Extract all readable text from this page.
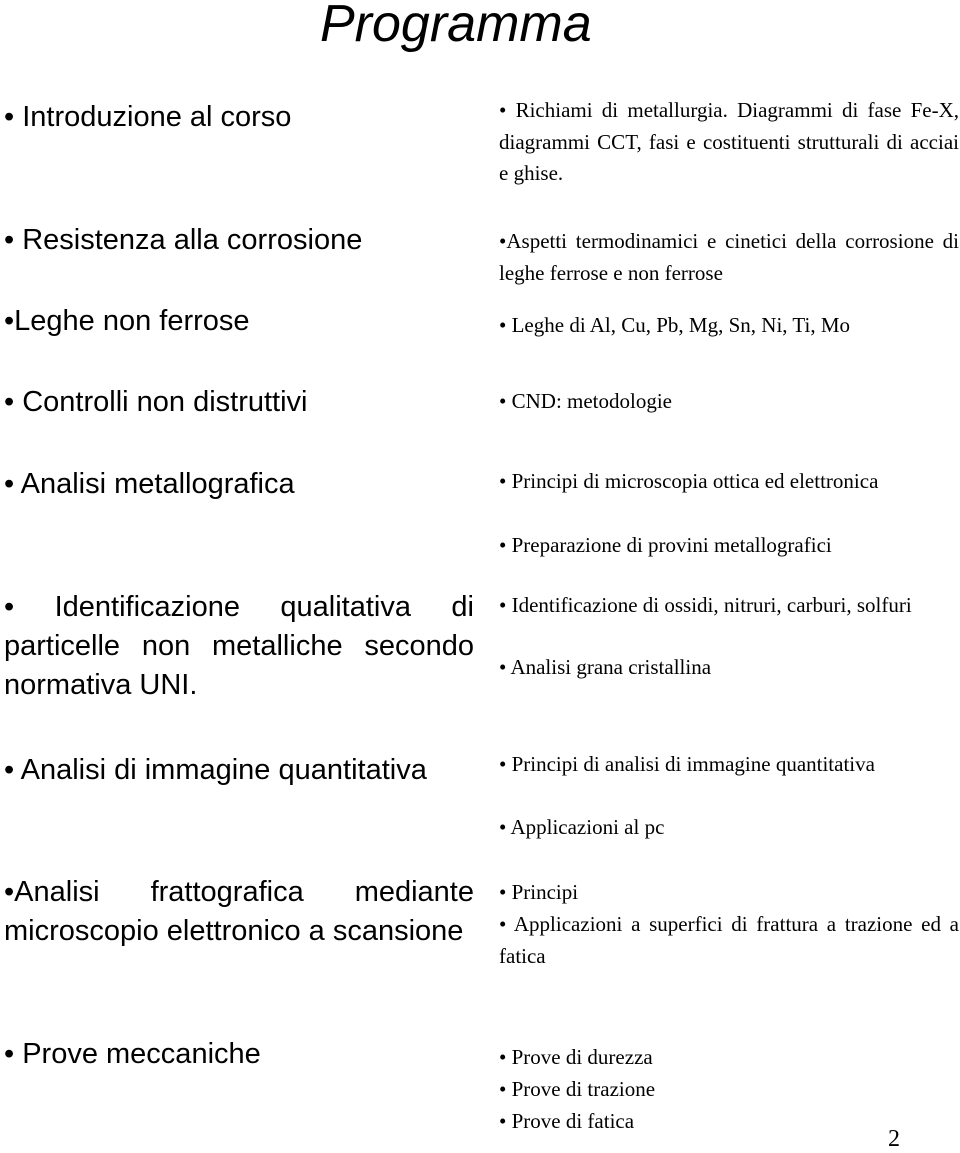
Programma
• Introduzione al corso
• Resistenza alla corrosione
•Leghe non ferrose
• Controlli non distruttivi
• Analisi metallografica
• Identificazione qualitativa di particelle non metalliche secondo normativa UNI.
• Analisi di immagine quantitativa
•Analisi frattografica mediante microscopio elettronico a scansione
• Prove meccaniche
• Richiami di metallurgia. Diagrammi di fase Fe-X, diagrammi CCT, fasi e costituenti strutturali di acciai e ghise.
•Aspetti termodinamici e cinetici della corrosione di leghe ferrose e non ferrose
• Leghe di Al, Cu, Pb, Mg, Sn, Ni, Ti, Mo
• CND: metodologie
• Principi di microscopia ottica ed elettronica
• Preparazione di provini metallografici
• Identificazione di ossidi, nitruri, carburi, solfuri
• Analisi grana cristallina
• Principi di analisi di immagine quantitativa
• Applicazioni al pc
• Principi
• Applicazioni a superfici di frattura a trazione ed a fatica
• Prove di durezza
• Prove di trazione
• Prove di fatica
2
